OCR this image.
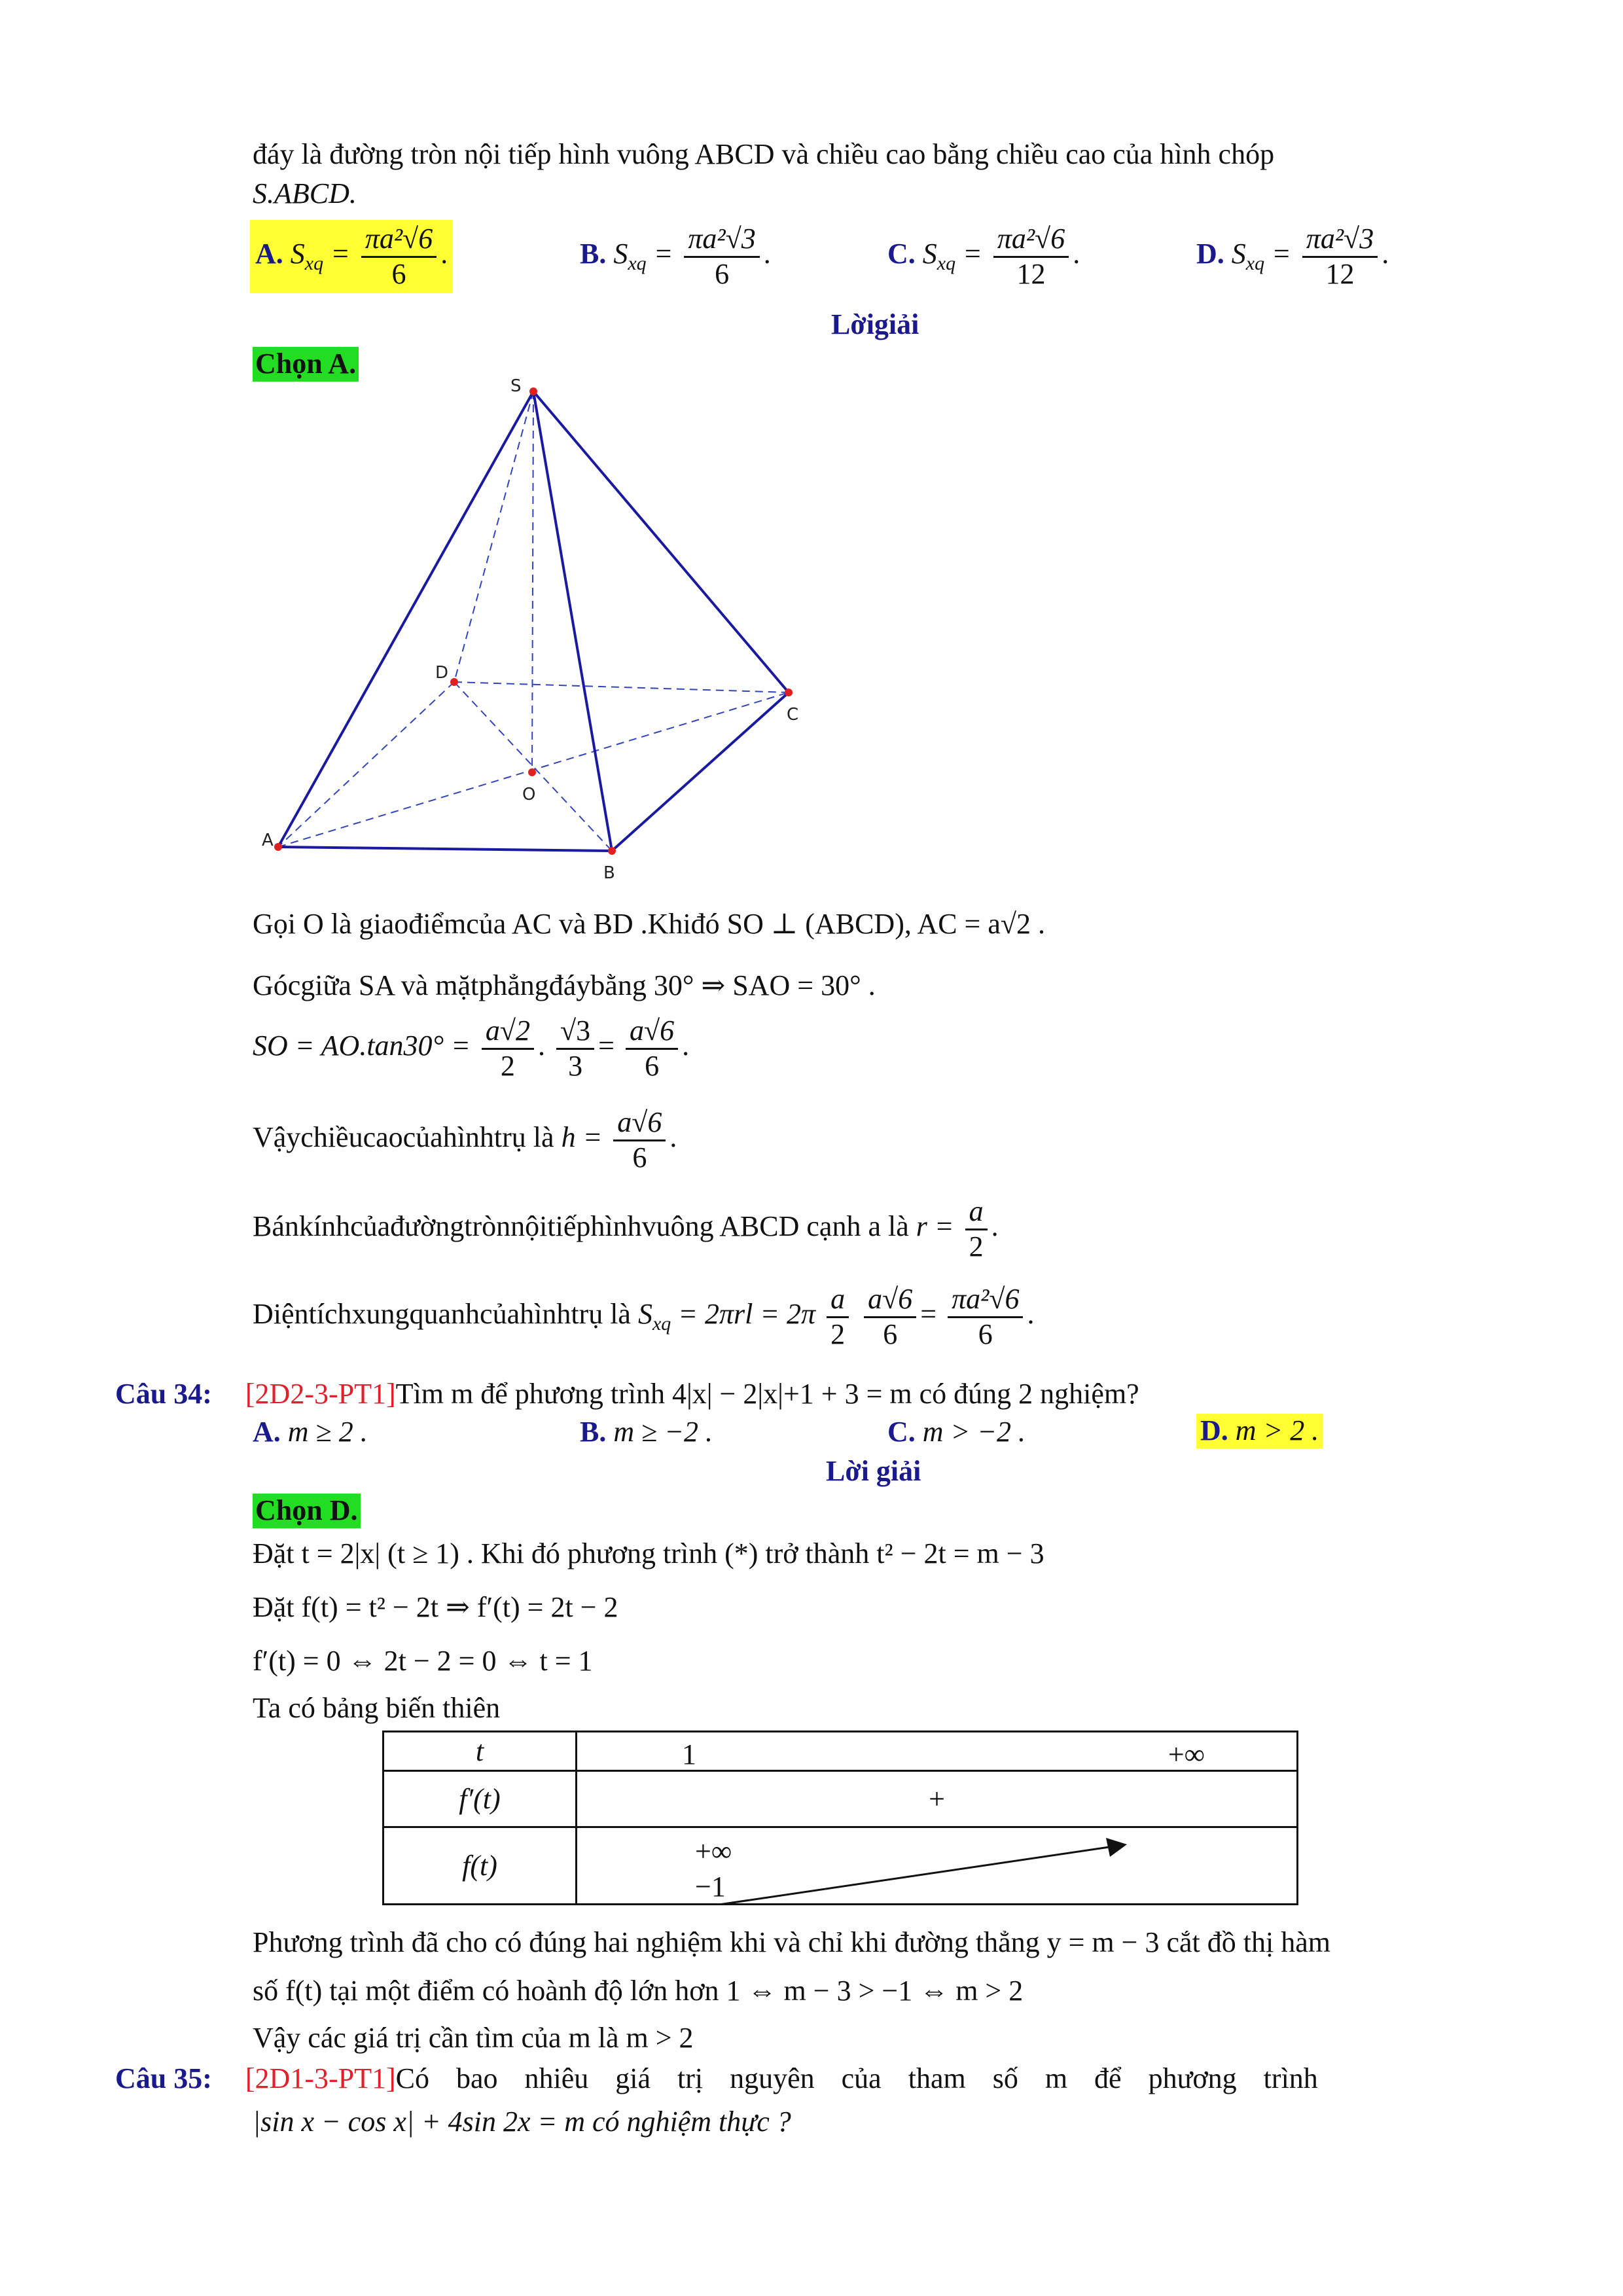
đáy là đường tròn nội tiếp hình vuông ABCD và chiều cao bằng chiều cao của hình chóp
S.ABCD.
A. $S_{xq} = \frac{\text{πa²√6}}{6}$ .	B. $S_{xq} = \frac{\text{πa²√3}}{6}$ .	C. $S_{xq} = \frac{\text{πa²√6}}{12}$ .	D. $S_{xq} = \frac{\text{πa²√3}}{12}$ .
Lờigiải
Chọn A.
S
D
C
O
A
B
Gọi O là giaođiểmcủa AC và BD .Khiđó SO ⊥ (ABCD), AC = a√2 .
Gócgiữa SA và mặtphẳngđáybằng 30° ⇒ SAO = 30° .
SO = $AO.\tan 30^\circ = \frac{a√2}{2}$ . $\frac{√3}{3} = \frac{a√6}{6}$ .
Vậychiềucaocủahìnhtrụ là $h = \frac{a√6}{6}$ .
Bánkínhcủađườngtrònnộitiếphìnhvuông ABCD cạnh a là $r = \frac{a}{2}$ .
Diệntíchxungquanhcủahìnhtrụ là $S_{xq} = 2\pi rl = 2\pi \frac{a}{2}$
$\frac{a√6}{6} = \frac{\text{πa²√6}}{6}$ .
Câu 34: [2D2-3-PT1]Tìm m để phương trình 4|x| − 2|x|+1 + 3 = m có đúng 2 nghiệm?
A. m ≥ 2 .	B. m ≥ −2 .	C. m > −2 .	D. m > 2 .
Lời giải
Chọn D.
Đặt t = 2|x| (t ≥ 1) . Khi đó phương trình (*) trở thành t² − 2t = m − 3
Đặt f(t) = t² − 2t ⇒ f′(t) = 2t − 2
f′(t) = 0 ⇔ 2t − 2 = 0 ⇔ t = 1
Ta có bảng biến thiên
t	1 +∞

f′(t)	+
f(t)	+∞
−1
Phương trình đã cho có đúng hai nghiệm khi và chỉ khi đường thẳng y = m − 3 cắt đồ thị hàm
số f(t) tại một điểm có hoành độ lớn hơn 1 ⇔ m − 3 > −1 ⇔ m > 2
Vậy các giá trị cần tìm của m là m > 2
Câu 35: [2D1-3-PT1]Có bao nhiêu giá trị nguyên của tham số m để phương trình
|sin x − cos x| + 4sin 2x = m có nghiệm thực ?
